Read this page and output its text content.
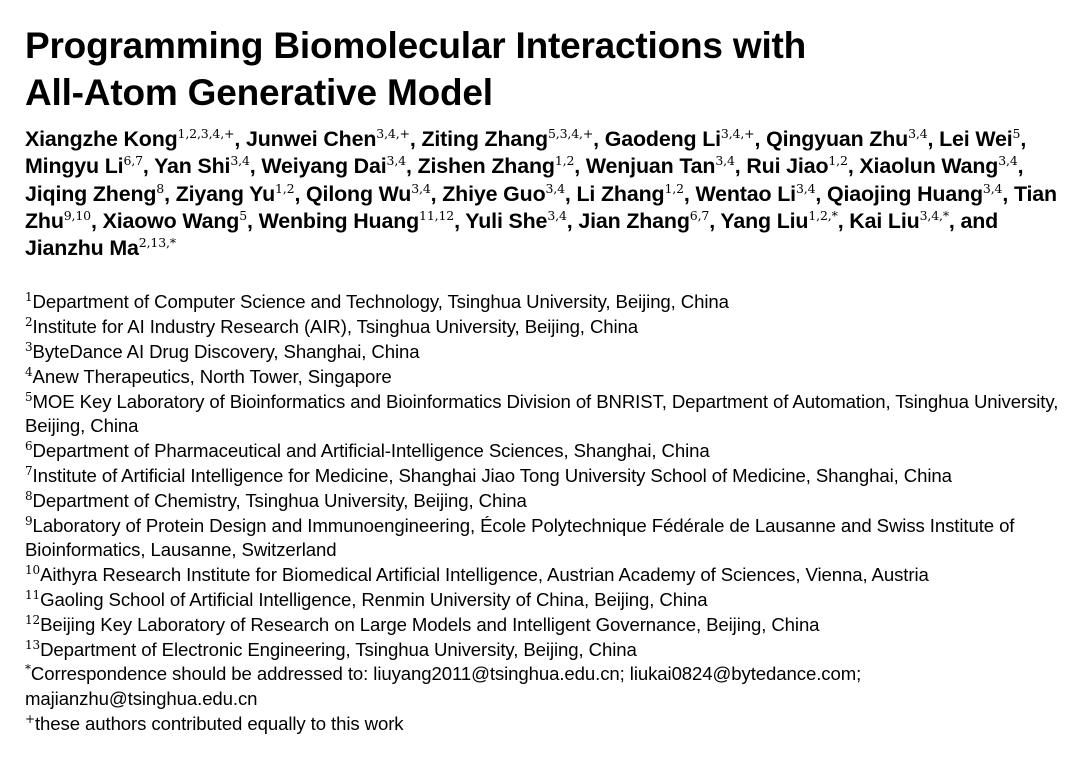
Programming Biomolecular Interactions with
All-Atom Generative Model
Xiangzhe Kong$^{1,2,3,4,+}$, Junwei Chen$^{3,4,+}$, Ziting Zhang$^{5,3,4,+}$, Gaodeng $Li^{3,4,+}$, Qingyuan Zhu$^{3,4}$, Lei Wei$^5$, Mingyu Li$^{6,7}$, Yan Shi$^{3,4}$, Weiyang Dai$^{3,4}$, Zishen Zhang$^{1,2}$, Wenjuan Tan$^{3,4}$, Rui Jiao$^{1,2}$, Xiaolun Wang$^{3,4}$, Jiqing Zheng$^8$, Ziyang Yu$^{1,2}$, Qilong Wu$^{3,4}$, Zhiye Guo$^{3,4}$, Li Zhang$^{1,2}$, Wentao Li$^{3,4}$, Qiaojing Huang$^{3,4}$, Tian Zhu$^{9,10}$, Xiaowo Wang$^5$, Wenbing Huang$^{11,12}$, Yuli She$^{3,4}$, Jian Zhang$^{6,7}$, Yang Liu$^{1,2,*}$, Kai Liu$^{3,4,*}$, and Jianzhu $Ma^{2,13,*}$
$^1$Department of Computer Science and Technology, Tsinghua University, Beijing, China
$^2$Institute for AI Industry Research (AIR), Tsinghua University, Beijing, China
$^3$ByteDance AI Drug Discovery, Shanghai, China
$^4$Anew Therapeutics, North Tower, Singapore
$^5$MOE Key Laboratory of Bioinformatics and Bioinformatics Division of BNRIST, Department of Automation, Tsinghua University, Beijing, China
$^6$Department of Pharmaceutical and Artificial-Intelligence Sciences, Shanghai, China
$^7$Institute of Artificial Intelligence for Medicine, Shanghai Jiao Tong University School of Medicine, Shanghai, China
$^8$Department of Chemistry, Tsinghua University, Beijing, China
$^9$Laboratory of Protein Design and Immunoengineering, École Polytechnique Fédérale de Lausanne and Swiss Institute of Bioinformatics, Lausanne, Switzerland
$^{10}$Aithyra Research Institute for Biomedical Artificial Intelligence, Austrian Academy of Sciences, Vienna, Austria
$^{11}$Gaoling School of Artificial Intelligence, Renmin University of China, Beijing, China
$^{12}$Beijing Key Laboratory of Research on Large Models and Intelligent Governance, Beijing, China
$^{13}$Department of Electronic Engineering, Tsinghua University, Beijing, China
*Correspondence should be addressed to: liuyang2011@tsinghua.edu.cn; liukai0824@bytedance.com; majianzhu@tsinghua.edu.cn
+these authors contributed equally to this work
